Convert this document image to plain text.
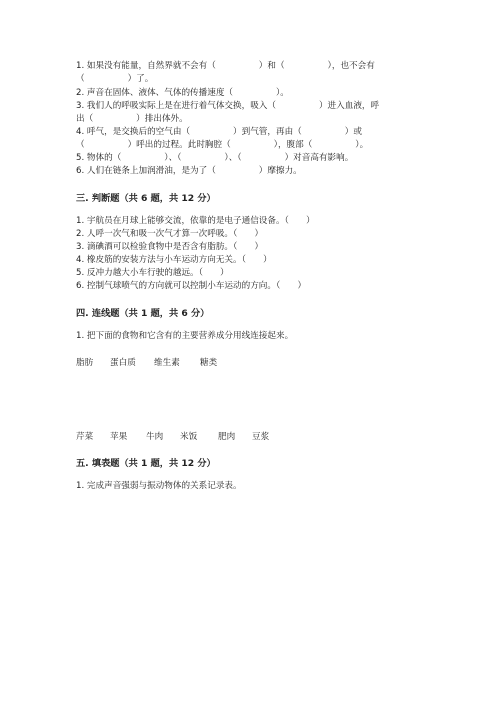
1. 如果没有能量，自然界就不会有（　　　　　）和（　　　　　），也不会有
（　　　　　）了。
2. 声音在固体、液体、气体的传播速度（　　　　　）。
3. 我们人的呼吸实际上是在进行着气体交换，吸入（　　　　　）进入血液，呼
出（　　　　　）排出体外。
4. 呼气，是交换后的空气由（　　　　　）到气管，再由（　　　　　）或
（　　　　　）呼出的过程。此时胸腔（　　　　　），腹部（　　　　　）。
5. 物体的（　　　　　）、（　　　　　）、（　　　　　）对音高有影响。
6. 人们在链条上加润滑油，是为了（　　　　　）摩擦力。
三. 判断题（共 6 题，共 12 分）
1. 宇航员在月球上能够交流，依靠的是电子通信设备。（　　）
2. 人呼一次气和吸一次气才算一次呼吸。（　　）
3. 滴碘酒可以检验食物中是否含有脂肪。（　　）
4. 橡皮筋的安装方法与小车运动方向无关。（　　）
5. 反冲力越大小车行驶的越远。（　　）
6. 控制气球喷气的方向就可以控制小车运动的方向。（　　）
四. 连线题（共 1 题，共 6 分）
1. 把下面的食物和它含有的主要营养成分用线连接起来。
脂肪 蛋白质 维生素 糖类
芹菜 苹果 牛肉 米饭 肥肉 豆浆
五. 填表题（共 1 题，共 12 分）
1. 完成声音强弱与振动物体的关系记录表。
